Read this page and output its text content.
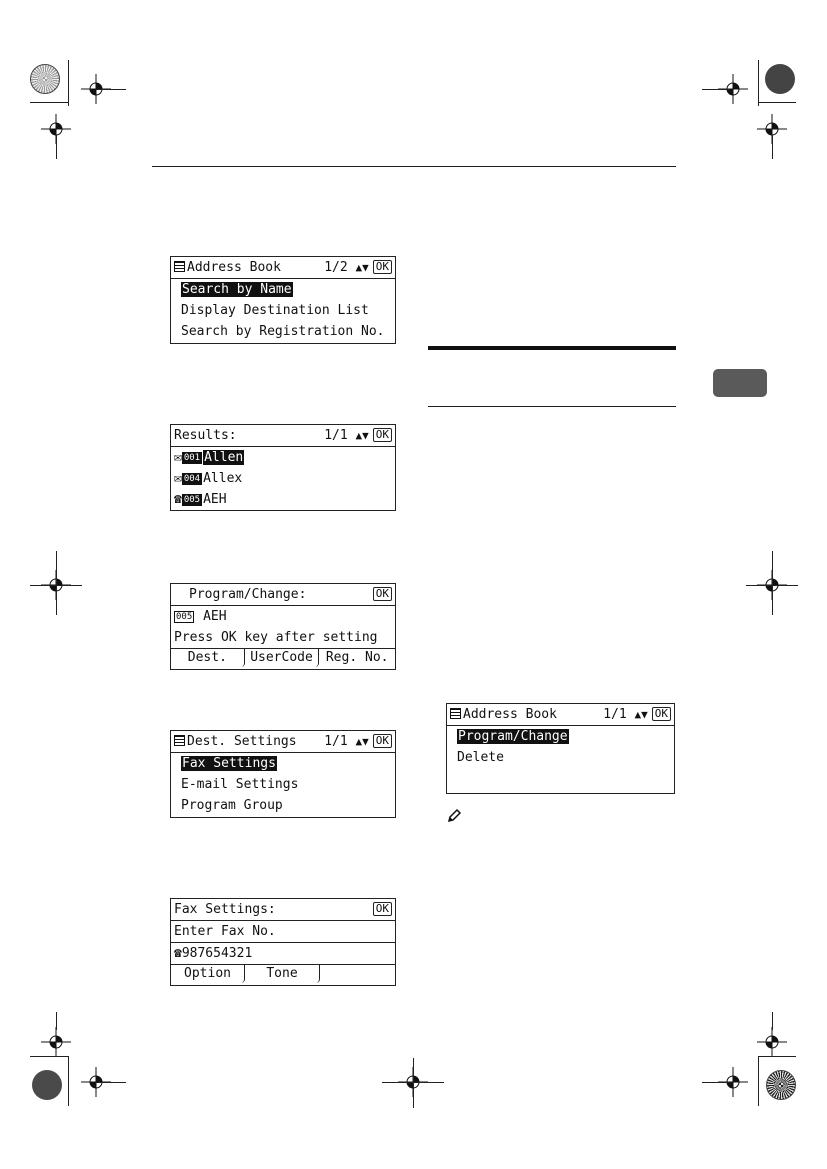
Address Book	1/2 ▲▼ OK
Search by Name
Display Destination List
Search by Registration No.
Results:	1/1 ▲▼ OK
✉ 001 Allen
✉ 004 Allex
☎ 005 AEH
Program/Change:	OK
005 AEH
Press OK key after setting
Dest.	UserCode	Reg. No.
Dest. Settings 1/1 ▲▼ OK
Fax Settings
E-mail Settings
Program Group
Fax Settings:	OK
Enter Fax No.
☎987654321
Option	Tone
Address Book	1/1 ▲▼ OK
Program/Change
Delete
